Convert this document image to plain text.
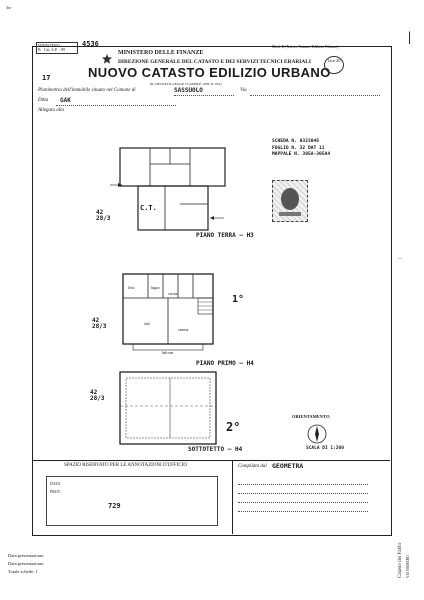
3st-
|
—
MINISTERO
B · Cat. S.P. · 89
4536	Mod. B (Nuovo Catasto Edilizio Urbano)
MINISTERO DELLE FINANZE
DIREZIONE GENERALE DEL CATASTO E DEI SERVIZI TECNICI ERARIALI
NUOVO CATASTO EDILIZIO URBANO
(R. DECRETO-LEGGE 13 APRILE 1939, N. 652)
Lire 20
17
Planimetria dell'immobile situato nel Comune di	SASSUOLO	Via
Ditta GAK
Allegata alla
SCHEDA N. 0323046
FOGLIO N. 32 DAT 11
MAPPALE N. 305A-305A4
C.T.
42
28/3
PIANO TERRA — H3
letto	bagno
cucina
sala
camera
balcone
42
28/3
1°
PIANO PRIMO — H4
42
28/3
2°
SOTTOTETTO — H4	SCALA DI 1:200
ORIENTAMENTO
SPAZIO RISERVATO PER LE ANNOTAZIONI D'UFFICIO
DATA
PROT.
729
Compilata dal GEOMETRA
Data presentazione:
Data presentazione:
Totale schede: 1	Catasto dei Fabbr VIA NUMERO
